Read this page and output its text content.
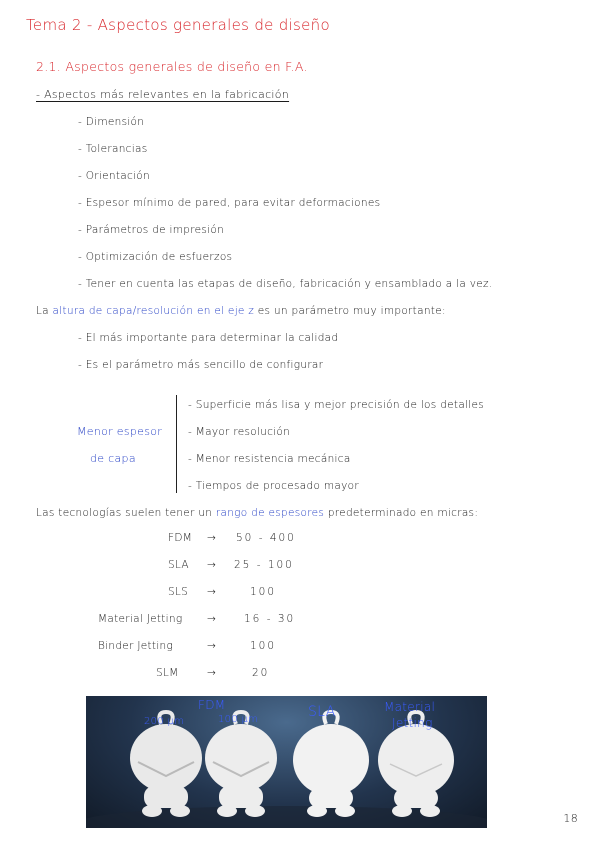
Tema 2 - Aspectos generales de diseño
2.1. Aspectos generales de diseño en F.A.
- Aspectos más relevantes en la fabricación
- Dimensión
- Tolerancias
- Orientación
- Espesor mínimo de pared, para evitar deformaciones
- Parámetros de impresión
- Optimización de esfuerzos
- Tener en cuenta las etapas de diseño, fabricación y ensamblado a la vez.
La altura de capa/resolución en el eje z es un parámetro muy importante:
- El más importante para determinar la calidad
- Es el parámetro más sencillo de configurar
Menor espesor
de capa
- Superficie más lisa y mejor precisión de los detalles
- Mayor resolución
- Menor resistencia mecánica
- Tiempos de procesado mayor
Las tecnologías suelen tener un rango de espesores predeterminado en micras:
FDM → 50 - 400
SLA → 25 - 100
SLS →	100
Material Jetting →	16 - 30
Binder Jetting	→	100
SLM	→	20
FDM
200 µm	100 µm	SLA	Material
Jetting
18
